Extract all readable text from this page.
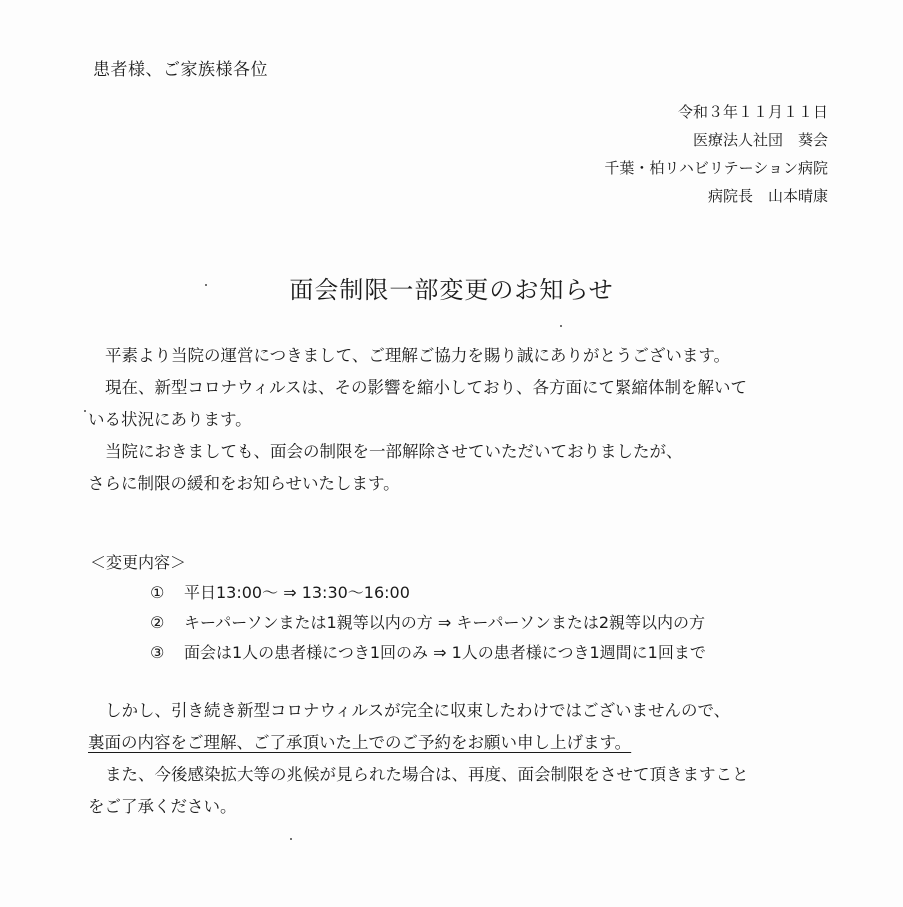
患者様、ご家族様各位
令和３年１１月１１日
医療法人社団　葵会
千葉・柏リハビリテーション病院
病院長　山本晴康
面会制限一部変更のお知らせ

平素より当院の運営につきまして、ご理解ご協力を賜り誠にありがとうございます。

現在、新型コロナウィルスは、その影響を縮小しており、各方面にて緊縮体制を解いて

いる状況にあります。

当院におきましても、面会の制限を一部解除させていただいておりましたが、

さらに制限の緩和をお知らせいたします。

＜変更内容＞
①	平日13:00～ ⇒ 13:30～16:00
②	キーパーソンまたは1親等以内の方 ⇒ キーパーソンまたは2親等以内の方
③	面会は1人の患者様につき1回のみ ⇒ 1人の患者様につき1週間に1回まで

しかし、引き続き新型コロナウィルスが完全に収束したわけではございませんので、

裏面の内容をご理解、ご了承頂いた上でのご予約をお願い申し上げます。

また、今後感染拡大等の兆候が見られた場合は、再度、面会制限をさせて頂きますこと

をご了承ください。
